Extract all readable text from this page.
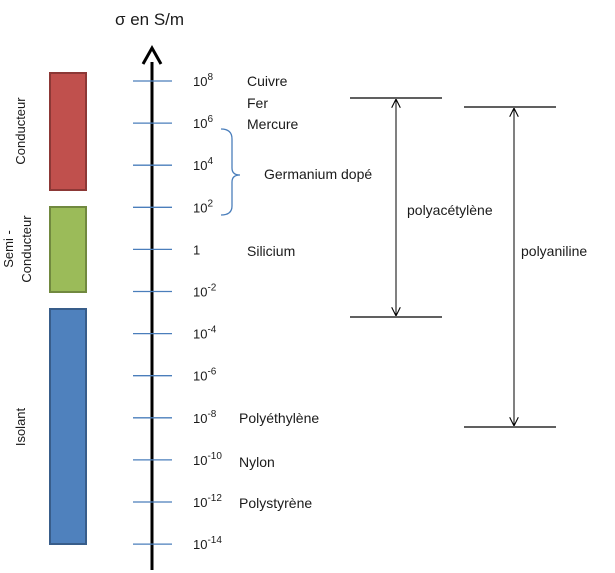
σ en S/m
$10^8$
$10^6$
$10^4$
$10^2$
1
$10^{-2}$
$10^{-4}$
$10^{-6}$
$10^{-8}$
$10^{-10}$
$10^{-12}$
$10^{-14}$
Conducteur
Semi - Conducteur
Isolant
Cuivre
Fer
Mercure
Germanium dopé
Silicium
Polyéthylène
Nylon
Polystyrène
polyacétylène
polyaniline
